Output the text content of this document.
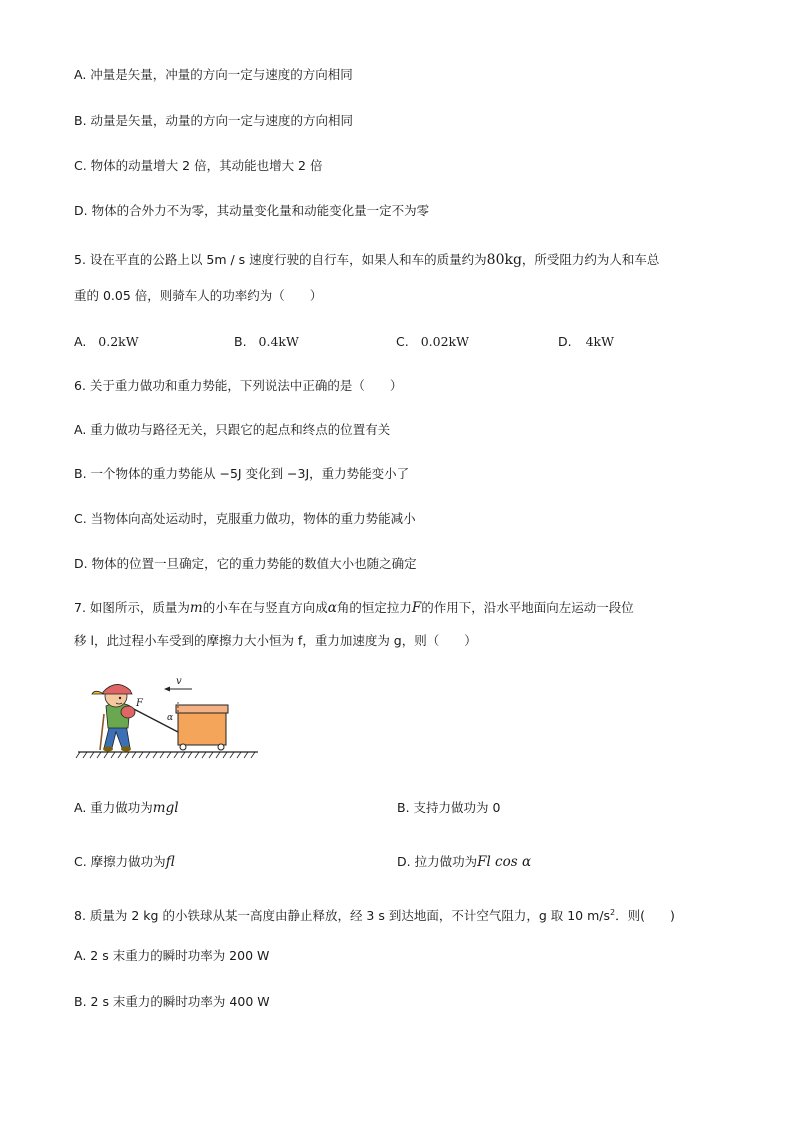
A. 冲量是矢量，冲量的方向一定与速度的方向相同
B. 动量是矢量，动量的方向一定与速度的方向相同
C. 物体的动量增大 2 倍，其动能也增大 2 倍
D. 物体的合外力不为零，其动量变化量和动能变化量一定不为零
5. 设在平直的公路上以 5m / s 速度行驶的自行车，如果人和车的质量约为80kg，所受阻力约为人和车总
重的 0.05 倍，则骑车人的功率约为（　　）
A. 0.2kW	B. 0.4kW	C. 0.02kW	D. 4kW
6. 关于重力做功和重力势能，下列说法中正确的是（　　）
A. 重力做功与路径无关，只跟它的起点和终点的位置有关
B. 一个物体的重力势能从 −5J 变化到 −3J，重力势能变小了
C. 当物体向高处运动时，克服重力做功，物体的重力势能减小
D. 物体的位置一旦确定，它的重力势能的数值大小也随之确定
7. 如图所示，质量为m的小车在与竖直方向成α角的恒定拉力F的作用下，沿水平地面向左运动一段位
移 l，此过程小车受到的摩擦力大小恒为 f，重力加速度为 g，则（　　）
v
α
F
A. 重力做功为mgl	B. 支持力做功为 0
C. 摩擦力做功为fl	D. 拉力做功为Fl cos α
8. 质量为 2 kg 的小铁球从某一高度由静止释放，经 3 s 到达地面，不计空气阻力，g 取 10 $m/s^2$．则(　　)
A. 2 s 末重力的瞬时功率为 200 W
B. 2 s 末重力的瞬时功率为 400 W
